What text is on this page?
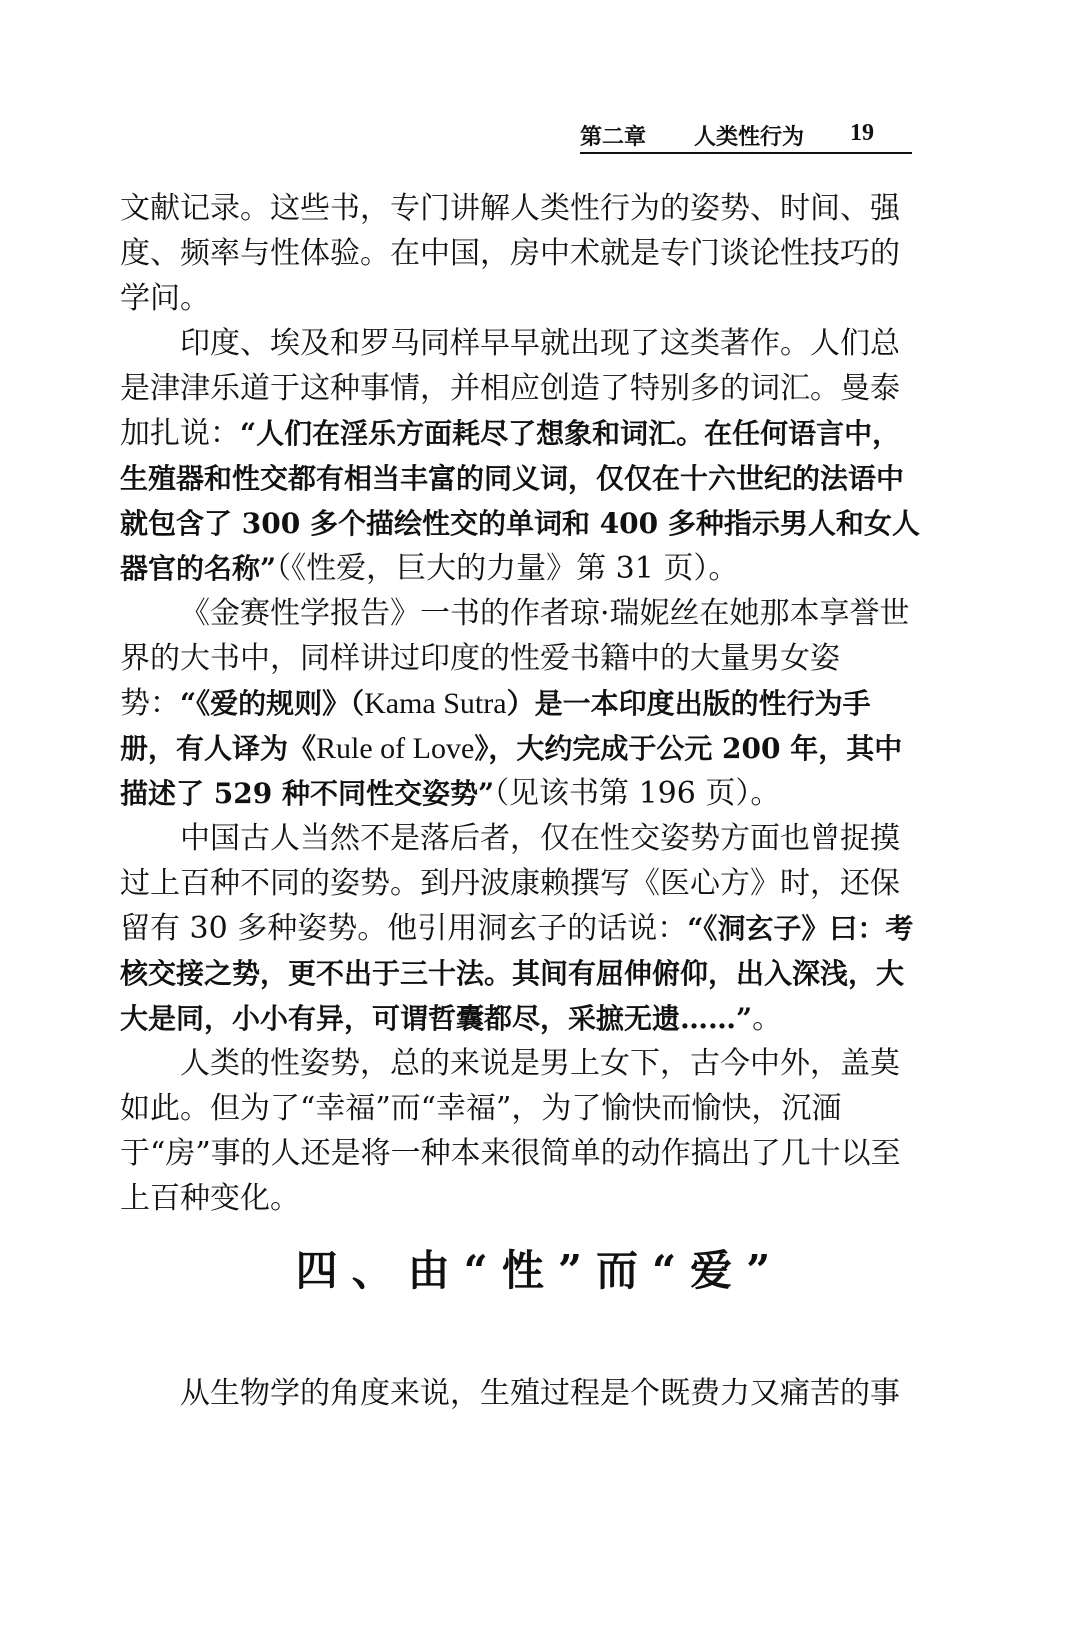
第二章 人类性行为 19

文献记录。这些书，专门讲解人类性行为的姿势、时间、强度、频率与性体验。在中国，房中术就是专门谈论性技巧的学问。

印度、埃及和罗马同样早早就出现了这类著作。人们总是津津乐道于这种事情，并相应创造了特别多的词汇。曼泰加扎说：“人们在淫乐方面耗尽了想象和词汇。在任何语言中，生殖器和性交都有相当丰富的同义词，仅仅在十六世纪的法语中就包含了 300 多个描绘性交的单词和 400 多种指示男人和女人器官的名称”（《性爱，巨大的力量》第 31 页）。

《金赛性学报告》一书的作者琼·瑞妮丝在她那本享誉世界的大书中，同样讲过印度的性爱书籍中的大量男女姿势：“《爱的规则》（Kama Sutra）是一本印度出版的性行为手册，有人译为《Rule of Love》，大约完成于公元 200 年，其中描述了 529 种不同性交姿势”（见该书第 196 页）。

中国古人当然不是落后者，仅在性交姿势方面也曾捉摸过上百种不同的姿势。到丹波康赖撰写《医心方》时，还保留有 30 多种姿势。他引用洞玄子的话说：“《洞玄子》曰：考核交接之势，更不出于三十法。其间有屈伸俯仰，出入深浅，大大是同，小小有异，可谓哲囊都尽，采摭无遗……”。

人类的性姿势，总的来说是男上女下，古今中外，盖莫如此。但为了“幸福”而“幸福”，为了愉快而愉快，沉湎于“房”事的人还是将一种本来很简单的动作搞出了几十以至上百种变化。

四、由“性”而“爱”

从生物学的角度来说，生殖过程是个既费力又痛苦的事
